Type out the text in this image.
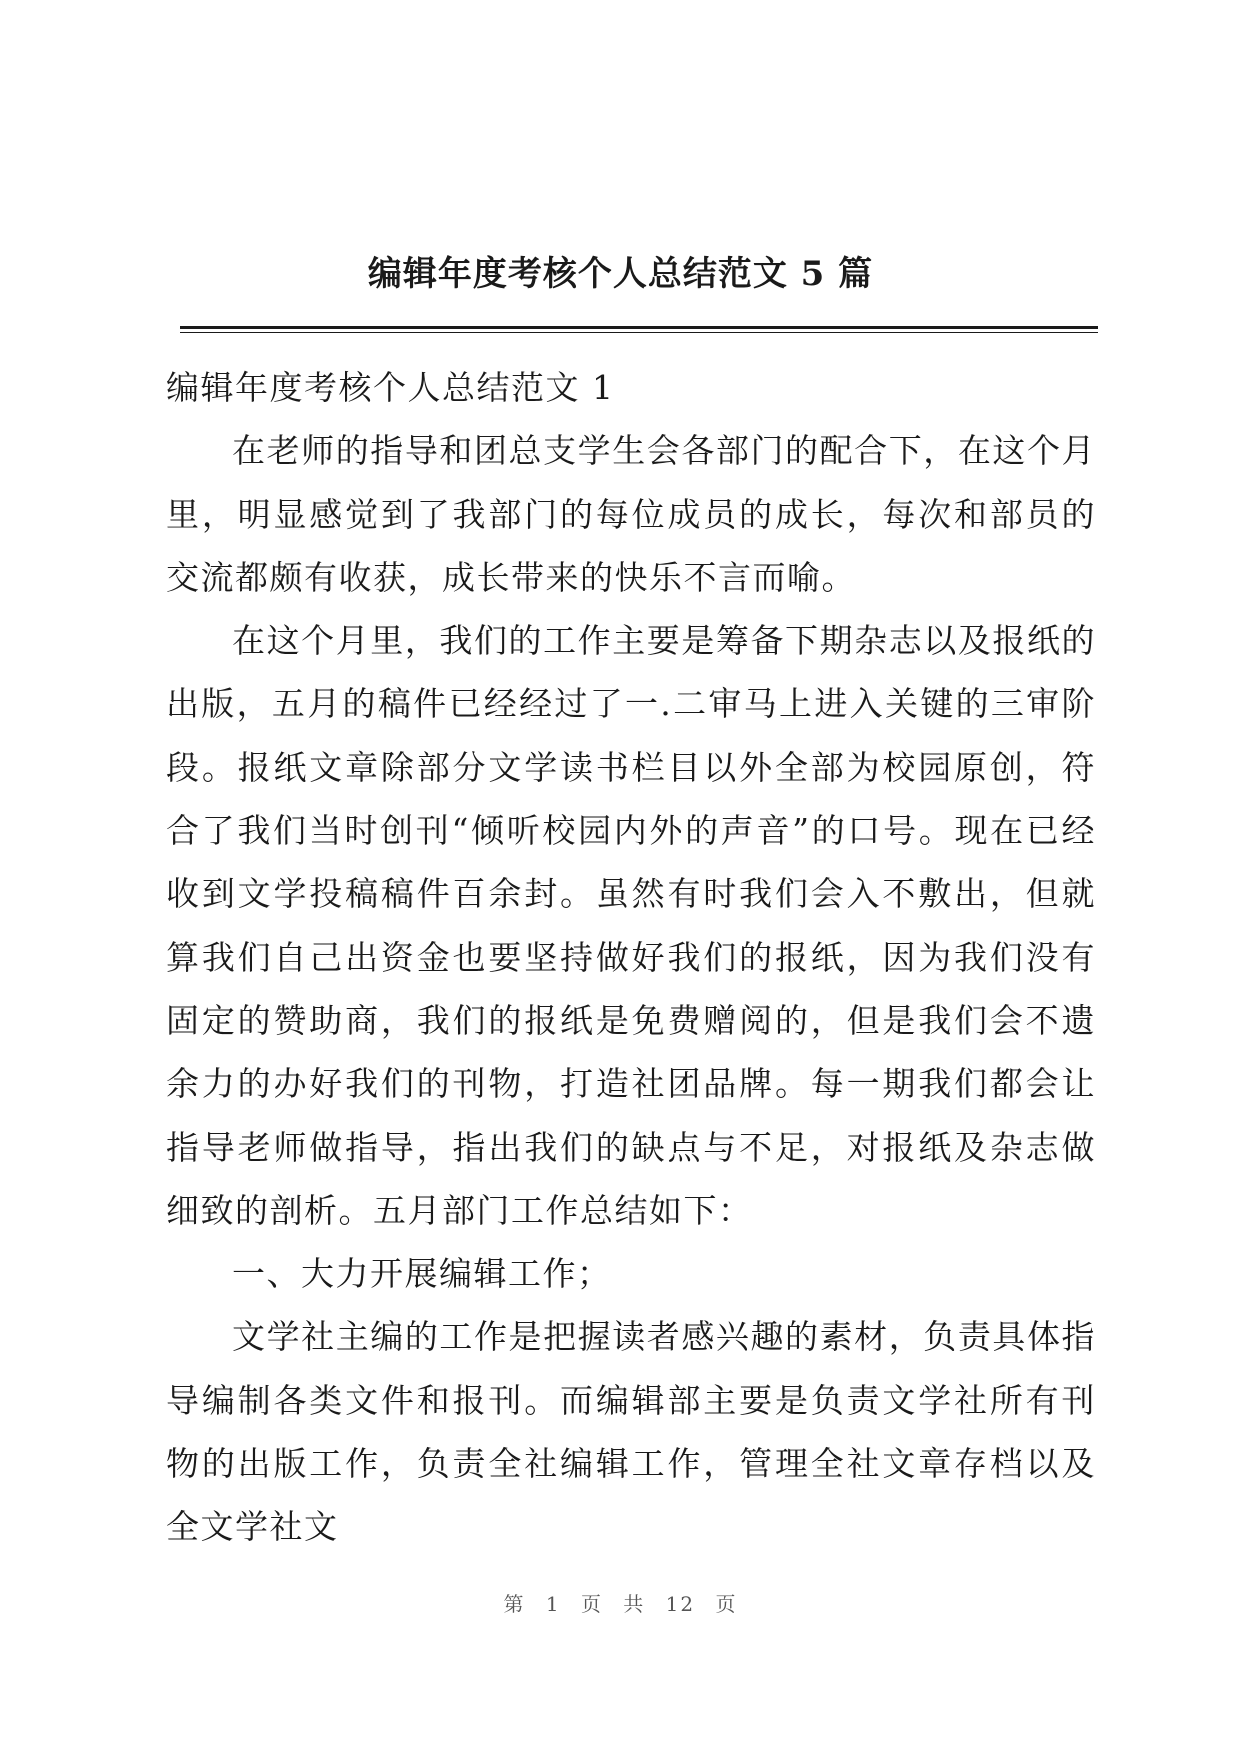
编辑年度考核个人总结范文 5 篇

编辑年度考核个人总结范文 1

在老师的指导和团总支学生会各部门的配合下，在这个月里，明显感觉到了我部门的每位成员的成长，每次和部员的交流都颇有收获，成长带来的快乐不言而喻。

在这个月里，我们的工作主要是筹备下期杂志以及报纸的出版，五月的稿件已经经过了一.二审马上进入关键的三审阶段。报纸文章除部分文学读书栏目以外全部为校园原创，符合了我们当时创刊“倾听校园内外的声音”的口号。现在已经收到文学投稿稿件百余封。虽然有时我们会入不敷出，但就算我们自己出资金也要坚持做好我们的报纸，因为我们没有固定的赞助商，我们的报纸是免费赠阅的，但是我们会不遗余力的办好我们的刊物，打造社团品牌。每一期我们都会让指导老师做指导，指出我们的缺点与不足，对报纸及杂志做细致的剖析。五月部门工作总结如下：

一、大力开展编辑工作；

文学社主编的工作是把握读者感兴趣的素材，负责具体指导编制各类文件和报刊。而编辑部主要是负责文学社所有刊物的出版工作，负责全社编辑工作，管理全社文章存档以及全文学社文

第 1 页 共 12 页
